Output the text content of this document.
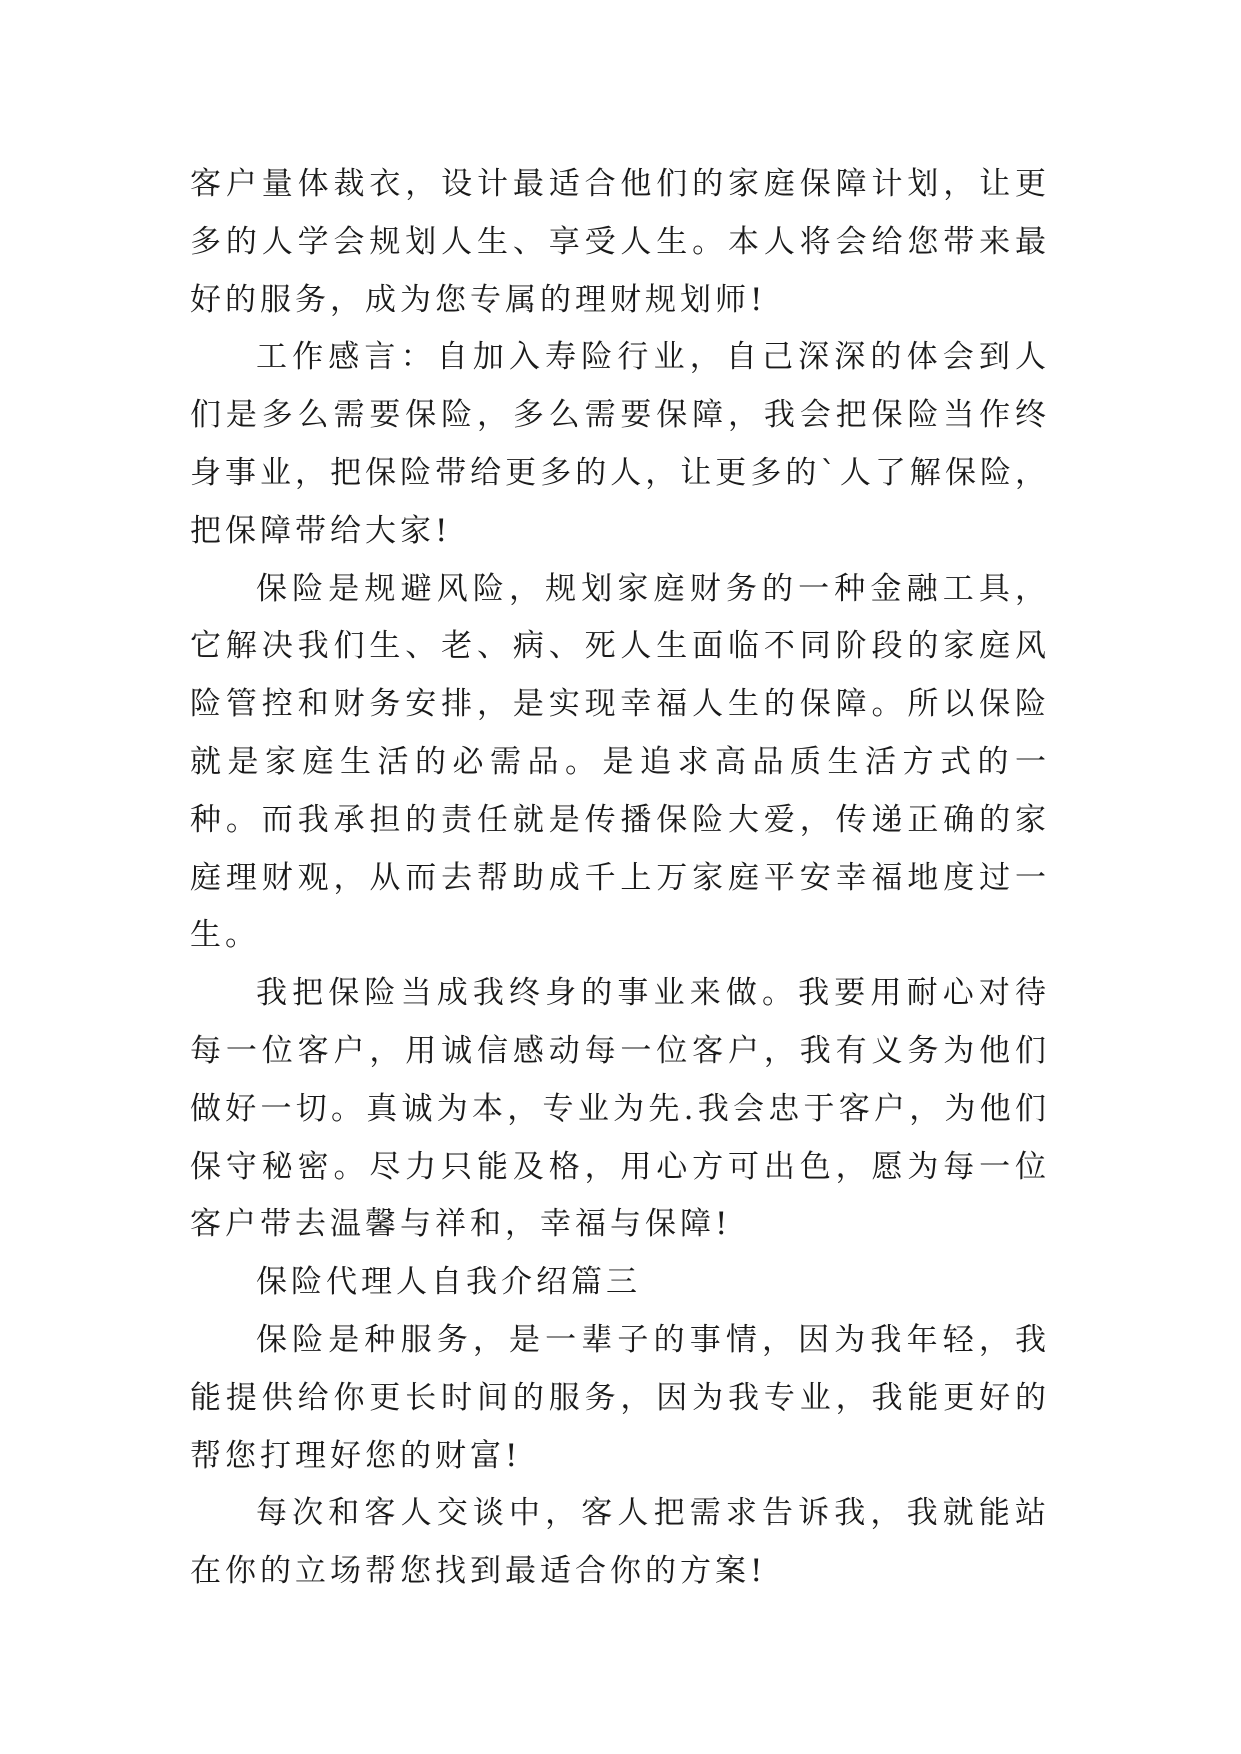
客户量体裁衣，设计最适合他们的家庭保障计划，让更多的人学会规划人生、享受人生。本人将会给您带来最好的服务，成为您专属的理财规划师!

工作感言：自加入寿险行业，自己深深的体会到人们是多么需要保险，多么需要保障，我会把保险当作终身事业，把保险带给更多的人，让更多的`人了解保险，把保障带给大家!

保险是规避风险，规划家庭财务的一种金融工具，它解决我们生、老、病、死人生面临不同阶段的家庭风险管控和财务安排，是实现幸福人生的保障。所以保险就是家庭生活的必需品。是追求高品质生活方式的一种。而我承担的责任就是传播保险大爱，传递正确的家庭理财观，从而去帮助成千上万家庭平安幸福地度过一生。

我把保险当成我终身的事业来做。我要用耐心对待每一位客户，用诚信感动每一位客户，我有义务为他们做好一切。真诚为本，专业为先.我会忠于客户，为他们保守秘密。尽力只能及格，用心方可出色，愿为每一位客户带去温馨与祥和，幸福与保障!

保险代理人自我介绍篇三

保险是种服务，是一辈子的事情，因为我年轻，我能提供给你更长时间的服务，因为我专业，我能更好的帮您打理好您的财富!

每次和客人交谈中，客人把需求告诉我，我就能站在你的立场帮您找到最适合你的方案!
